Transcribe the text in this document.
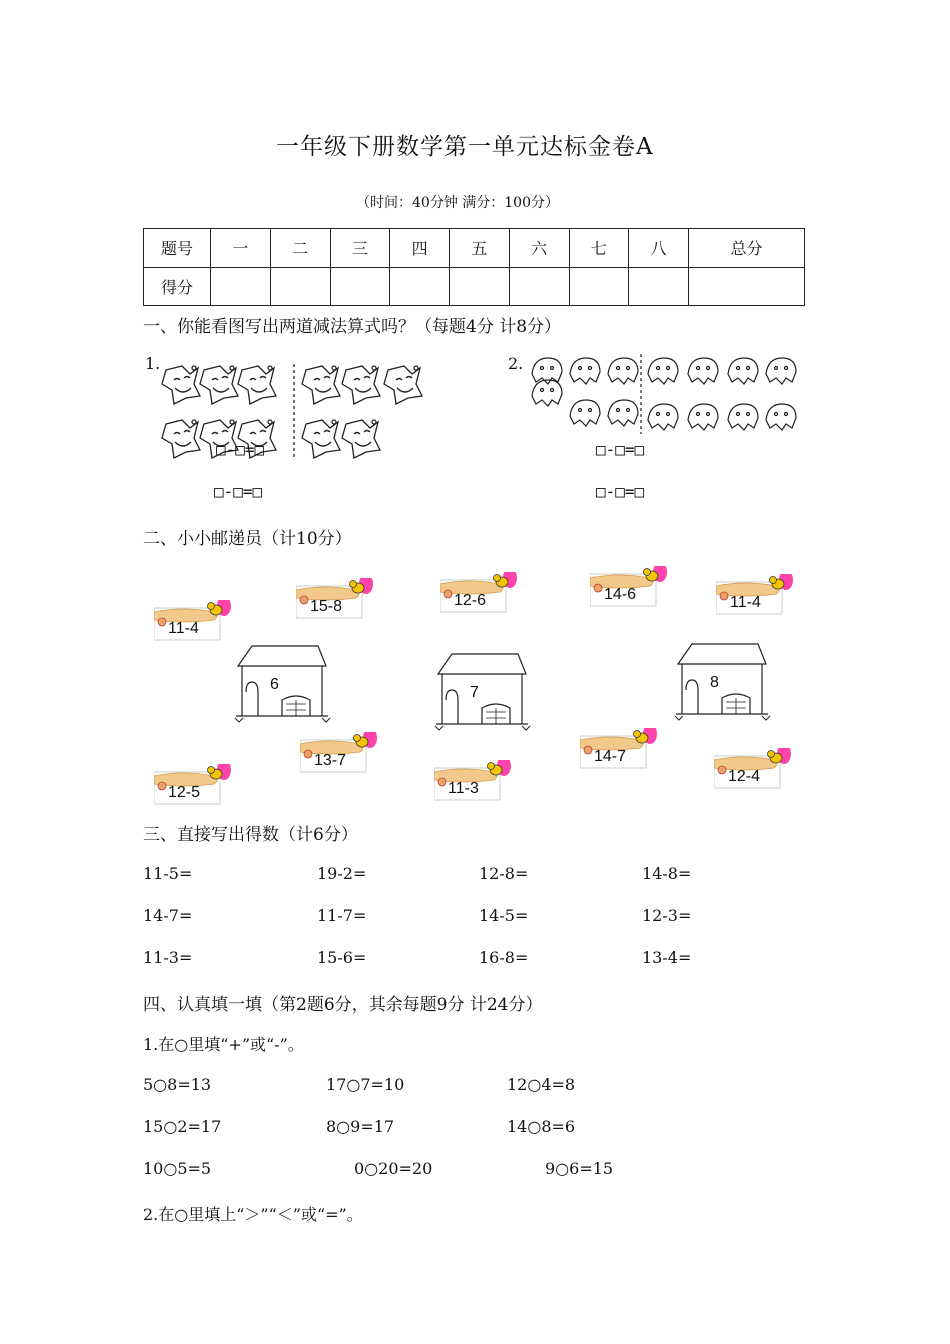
一年级下册数学第一单元达标金卷A
（时间：40分钟 满分：100分）
题号	一	二	三	四	五	六	七	八	总分
得分									
一、你能看图写出两道减法算式吗？（每题4分 计8分）
1.	2.
□-□=□
□-□=□
□-□=□
□-□=□
二、小小邮递员（计10分）
6	7
8
11-4
15-8	12-6	14-6	11-4
12-5
13-7
11-3
14-7
12-4
三、直接写出得数（计6分）
11-5=	19-2=	12-8=	14-8=
14-7=	11-7=	14-5=	12-3=
11-3=	15-6=	16-8=	13-4=
四、认真填一填（第2题6分，其余每题9分 计24分）
1.在○里填“+”或“-”。
5○8=13	17○7=10	12○4=8
15○2=17	8○9=17	14○8=6
10○5=5	0○20=20	9○6=15
2.在○里填上“＞”“＜”或“=”。
